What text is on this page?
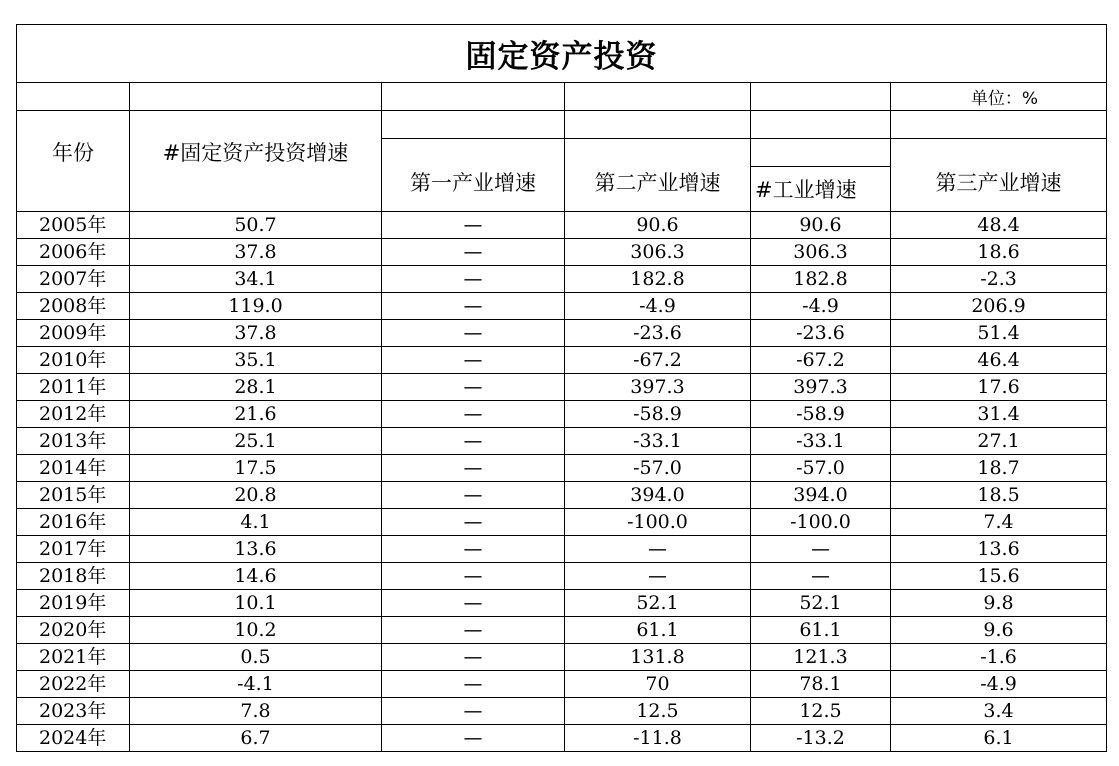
固定资产投资					
					单位：%
年份	#固定资产投资增速				
		第一产业增速	第二产业增速		第三产业增速
				#工业增速	
2005年	50.7	—	90.6	90.6	48.4
2006年	37.8	—	306.3	306.3	18.6
2007年	34.1	—	182.8	182.8	-2.3
2008年	119.0	—	-4.9	-4.9	206.9
2009年	37.8	—	-23.6	-23.6	51.4
2010年	35.1	—	-67.2	-67.2	46.4
2011年	28.1	—	397.3	397.3	17.6
2012年	21.6	—	-58.9	-58.9	31.4
2013年	25.1	—	-33.1	-33.1	27.1
2014年	17.5	—	-57.0	-57.0	18.7
2015年	20.8	—	394.0	394.0	18.5
2016年	4.1	—	-100.0	-100.0	7.4
2017年	13.6	—	—	—	13.6
2018年	14.6	—	—	—	15.6
2019年	10.1	—	52.1	52.1	9.8
2020年	10.2	—	61.1	61.1	9.6
2021年	0.5	—	131.8	121.3	-1.6
2022年	-4.1	—	70	78.1	-4.9
2023年	7.8	—	12.5	12.5	3.4
2024年	6.7	—	-11.8	-13.2	6.1
